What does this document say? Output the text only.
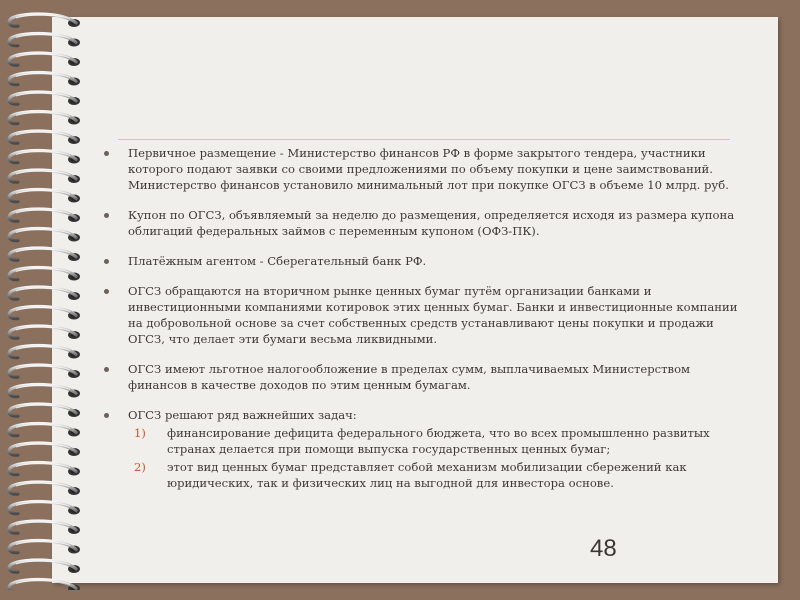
Первичное размещение - Министерство финансов РФ в форме закрытого тендера, участники которого подают заявки со своими предложениями по объему покупки и цене заимствований. Министерство финансов установило минимальный лот при покупке ОГСЗ в объеме 10 млрд. руб.
Купон по ОГСЗ, объявляемый за неделю до размещения, определяется исходя из размера купона облигаций федеральных займов с переменным купоном (ОФЗ-ПК).
Платёжным агентом - Сберегательный банк РФ.
ОГСЗ обращаются на вторичном рынке ценных бумаг путём организации банками и инвестиционными компаниями котировок этих ценных бумаг. Банки и инвестиционные компании на добровольной основе за счет собственных средств устанавливают цены покупки и продажи ОГСЗ, что делает эти бумаги весьма ликвидными.
ОГСЗ имеют льготное налогообложение в пределах сумм, выплачиваемых Министерством финансов в качестве доходов по этим ценным бумагам.
ОГСЗ решают ряд важнейших задач:
1) финансирование дефицита федерального бюджета, что во всех промышленно развитых странах делается при помощи выпуска государственных ценных бумаг;
2) этот вид ценных бумаг представляет собой механизм мобилизации сбережений как юридических, так и физических лиц на выгодной для инвестора основе.
48
